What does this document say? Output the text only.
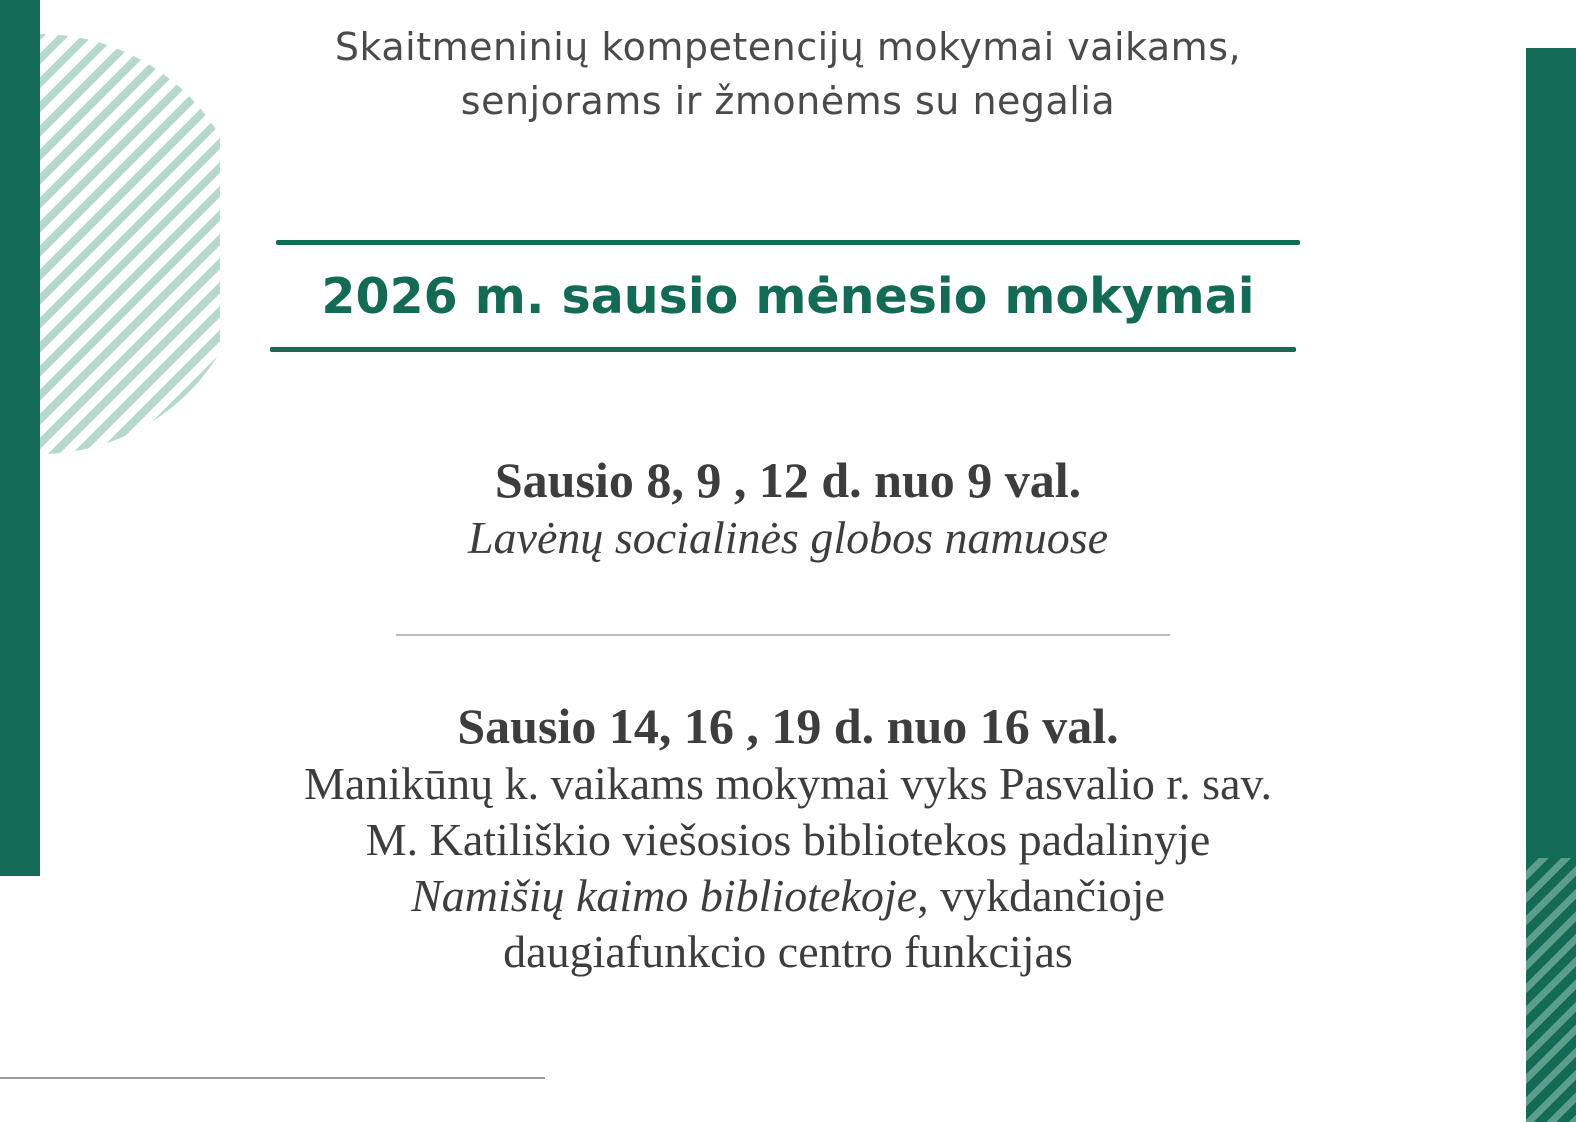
Skaitmeninių kompetencijų mokymai vaikams,
senjorams ir žmonėms su negalia
2026 m. sausio mėnesio mokymai
Sausio 8, 9 , 12 d. nuo 9 val.
Lavėnų socialinės globos namuose
Sausio 14, 16 , 19 d. nuo 16 val.
Manikūnų k. vaikams mokymai vyks Pasvalio r. sav.
M. Katiliškio viešosios bibliotekos padalinyje
Namišių kaimo bibliotekoje, vykdančioje
daugiafunkcio centro funkcijas
